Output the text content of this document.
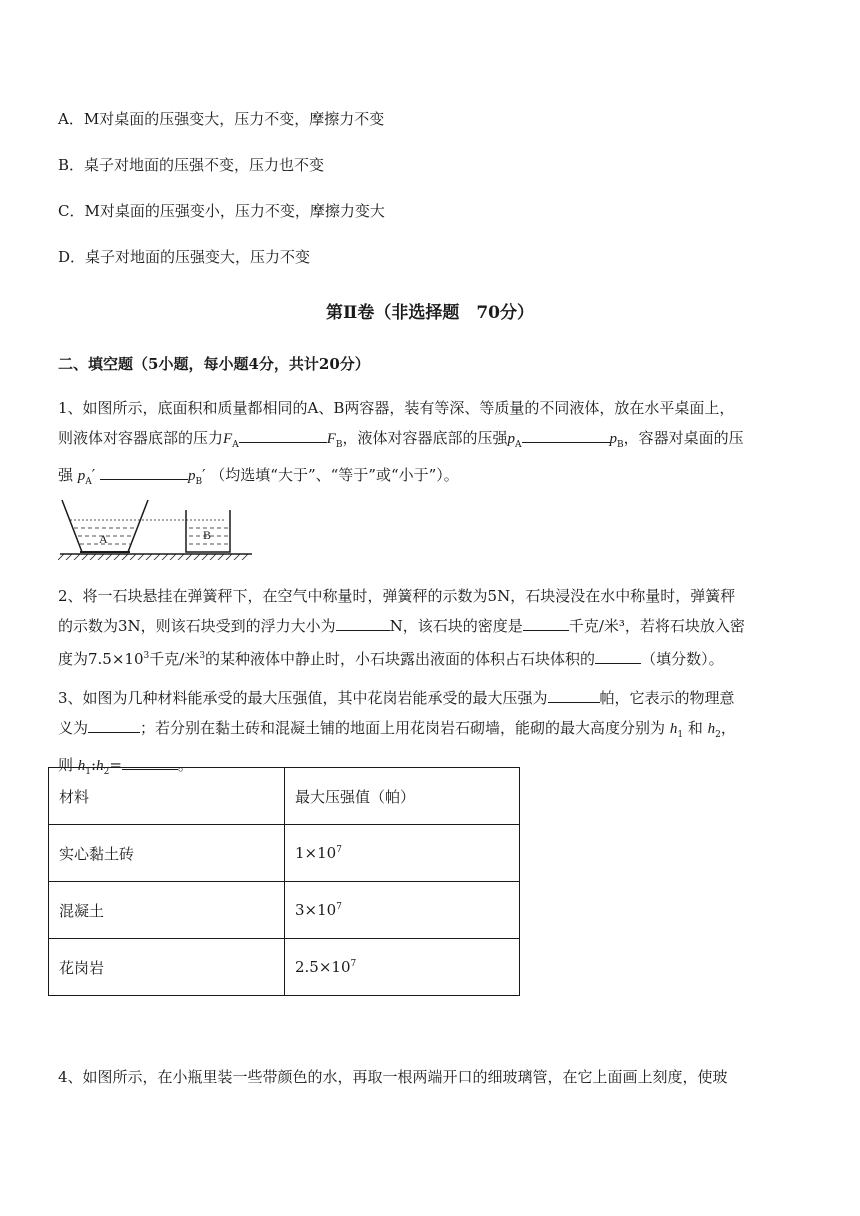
A．M对桌面的压强变大，压力不变，摩擦力不变
B．桌子对地面的压强不变，压力也不变
C．M对桌面的压强变小，压力不变，摩擦力变大
D．桌子对地面的压强变大，压力不变
第Ⅱ卷（非选择题　70分）
二、填空题（5小题，每小题4分，共计20分）
1、如图所示，底面积和质量都相同的A、B两容器，装有等深、等质量的不同液体，放在水平桌面上，
则液体对容器底部的压力$F_A$	$F_B$，液体对容器底部的压强$p_A$	$p_B$，容器对桌面的压
强 $p_A'$	$p_B'$ （均选填“大于”、“等于”或“小于”）。
A	B
2、将一石块悬挂在弹簧秤下，在空气中称量时，弹簧秤的示数为5N，石块浸没在水中称量时，弹簧秤
的示数为3N，则该石块受到的浮力大小为	N，该石块的密度是	千克/米³，若将石块放入密
度为$7.5\times 10^3$千克/米$^3$的某种液体中静止时，小石块露出液面的体积占石块体积的	（填分数）。
3、如图为几种材料能承受的最大压强值，其中花岗岩能承受的最大压强为	帕，它表示的物理意
义为	；若分别在黏土砖和混凝土铺的地面上用花岗岩石砌墙，能砌的最大高度分别为 $h_1$ 和 $h_2$，
则 $h_1:h_2=$	。
材料	最大压强值（帕）
实心黏土砖	$1\times 10^7$
混凝土	$3\times 10^7$
花岗岩	$2.5\times 10^7$
4、如图所示，在小瓶里装一些带颜色的水，再取一根两端开口的细玻璃管，在它上面画上刻度，使玻
